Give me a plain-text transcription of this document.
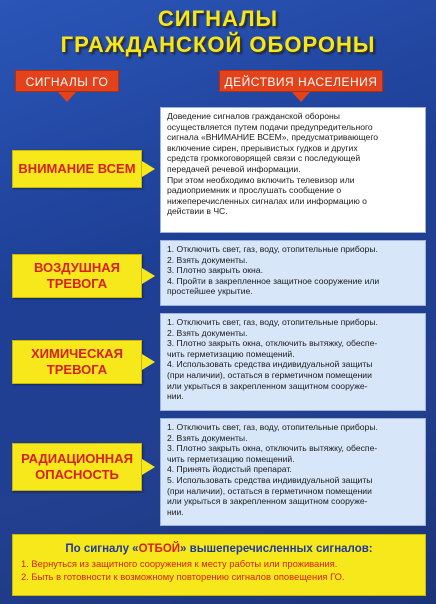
СИГНАЛЫ
ГРАЖДАНСКОЙ ОБОРОНЫ
СИГНАЛЫ ГО	ДЕЙСТВИЯ НАСЕЛЕНИЯ
ВНИМАНИЕ ВСЕМ

Доведение сигналов гражданской обороны

осуществляется путем подачи предупредительного

сигнала «ВНИМАНИЕ ВСЕМ», предусматривающего

включение сирен, прерывистых гудков и других

средств громкоговорящей связи с последующей

передачей речевой информации.

При этом необходимо включить телевизор или

радиоприемник и прослушать сообщение о

нижеперечисленных сигналах или информацию о

действии в ЧС.

ВОЗДУШНАЯ ТРЕВОГА
1. Отключить свет, газ, воду, отопительные приборы.
2. Взять документы.
3. Плотно закрыть окна.
4. Пройти в закрепленное защитное сооружение или
простейшее укрытие.
ХИМИЧЕСКАЯ ТРЕВОГА
1. Отключить свет, газ, воду, отопительные приборы.
2. Взять документы.
3. Плотно закрыть окна, отключить вытяжку, обеспе-
чить герметизацию помещений.
4. Использовать средства индивидуальной защиты
(при наличии), остаться в герметичном помещении
или укрыться в закрепленном защитном сооруже-
нии.
РАДИАЦИОННАЯ ОПАСНОСТЬ
1. Отключить свет, газ, воду, отопительные приборы.
2. Взять документы.
3. Плотно закрыть окна, отключить вытяжку, обеспе-
чить герметизацию помещений.
4. Принять йодистый препарат.
5. Использовать средства индивидуальной защиты
(при наличии), остаться в герметичном помещении
или укрыться в закрепленном защитном сооруже-
нии.
По сигналу «ОТБОЙ» вышеперечисленных сигналов:
1. Вернуться из защитного сооружения к месту работы или проживания.
2. Быть в готовности к возможному повторению сигналов оповещения ГО.
